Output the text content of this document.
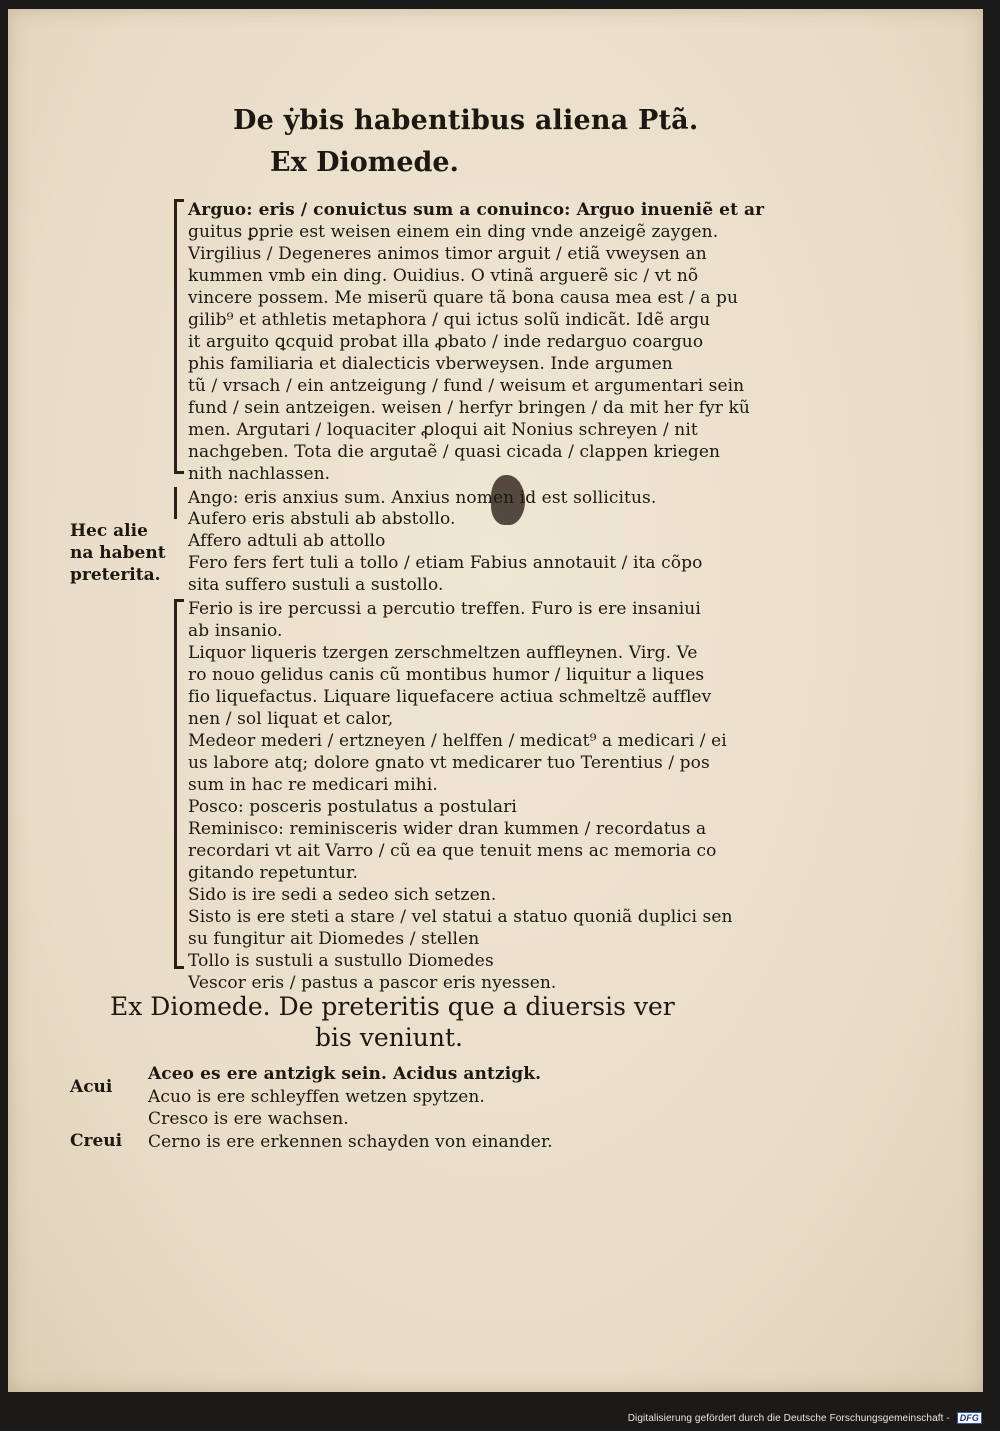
De ẏbis habentibus aliena Ptã.
Ex Diomede.
Arguo: eris / conuictus sum a conuinco: Arguo inueniẽ et ar
guitus ꝑprie est weisen einem ein ding vnde anzeigẽ zaygen.
Virgilius / Degeneres animos timor arguit / etiã vweysen an
kummen vmb ein ding. Ouidius. O vtinã arguerẽ sic / vt nõ
vincere possem. Me miserũ quare tã bona causa mea est / a pu
gilib⁹ et athletis metaphora / qui ictus solũ indicãt. Idẽ argu
it arguito ꝗcquid probat illa ꝓbato / inde redarguo coarguo
phis familiaria et dialecticis vberweysen. Inde argumen
tũ / vrsach / ein antzeigung / fund / weisum et argumentari sein
fund / sein antzeigen. weisen / herfyr bringen / da mit her fyr kũ
men. Argutari / loquaciter ꝓloqui ait Nonius schreyen / nit
nachgeben. Tota die argutaẽ / quasi cicada / clappen kriegen
nith nachlassen.
Ango: eris anxius sum. Anxius nomen id est sollicitus.
Aufero eris abstuli ab abstollo.
Affero adtuli ab attollo
Fero fers fert tuli a tollo / etiam Fabius annotauit / ita cõpo
sita suffero sustuli a sustollo.
Ferio is ire percussi a percutio treffen. Furo is ere insaniui
ab insanio.
Liquor liqueris tzergen zerschmeltzen auffleynen. Virg. Ve
ro nouo gelidus canis cũ montibus humor / liquitur a liques
fio liquefactus. Liquare liquefacere actiua schmeltzẽ aufflev
nen / sol liquat et calor,
Medeor mederi / ertzneyen / helffen / medicat⁹ a medicari / ei
us labore atq; dolore gnato vt medicarer tuo Terentius / pos
sum in hac re medicari mihi.
Posco: posceris postulatus a postulari
Reminisco: reminisceris wider dran kummen / recordatus a
recordari vt ait Varro / cũ ea que tenuit mens ac memoria co
gitando repetuntur.
Sido is ire sedi a sedeo sich setzen.
Sisto is ere steti a stare / vel statui a statuo quoniã duplici sen
su fungitur ait Diomedes / stellen
Tollo is sustuli a sustullo Diomedes
Vescor eris / pastus a pascor eris nyessen.
Hec alie
na habent
preterita.
Ex Diomede. De preteritis que a diuersis ver
bis veniunt.
Aceo es ere antzigk sein. Acidus antzigk.
Acuo is ere schleyffen wetzen spytzen.
Cresco is ere wachsen.
Cerno is ere erkennen schayden von einander.
Acui
Creui
Digitalisierung gefördert durch die Deutsche Forschungsgemeinschaft - DFG
